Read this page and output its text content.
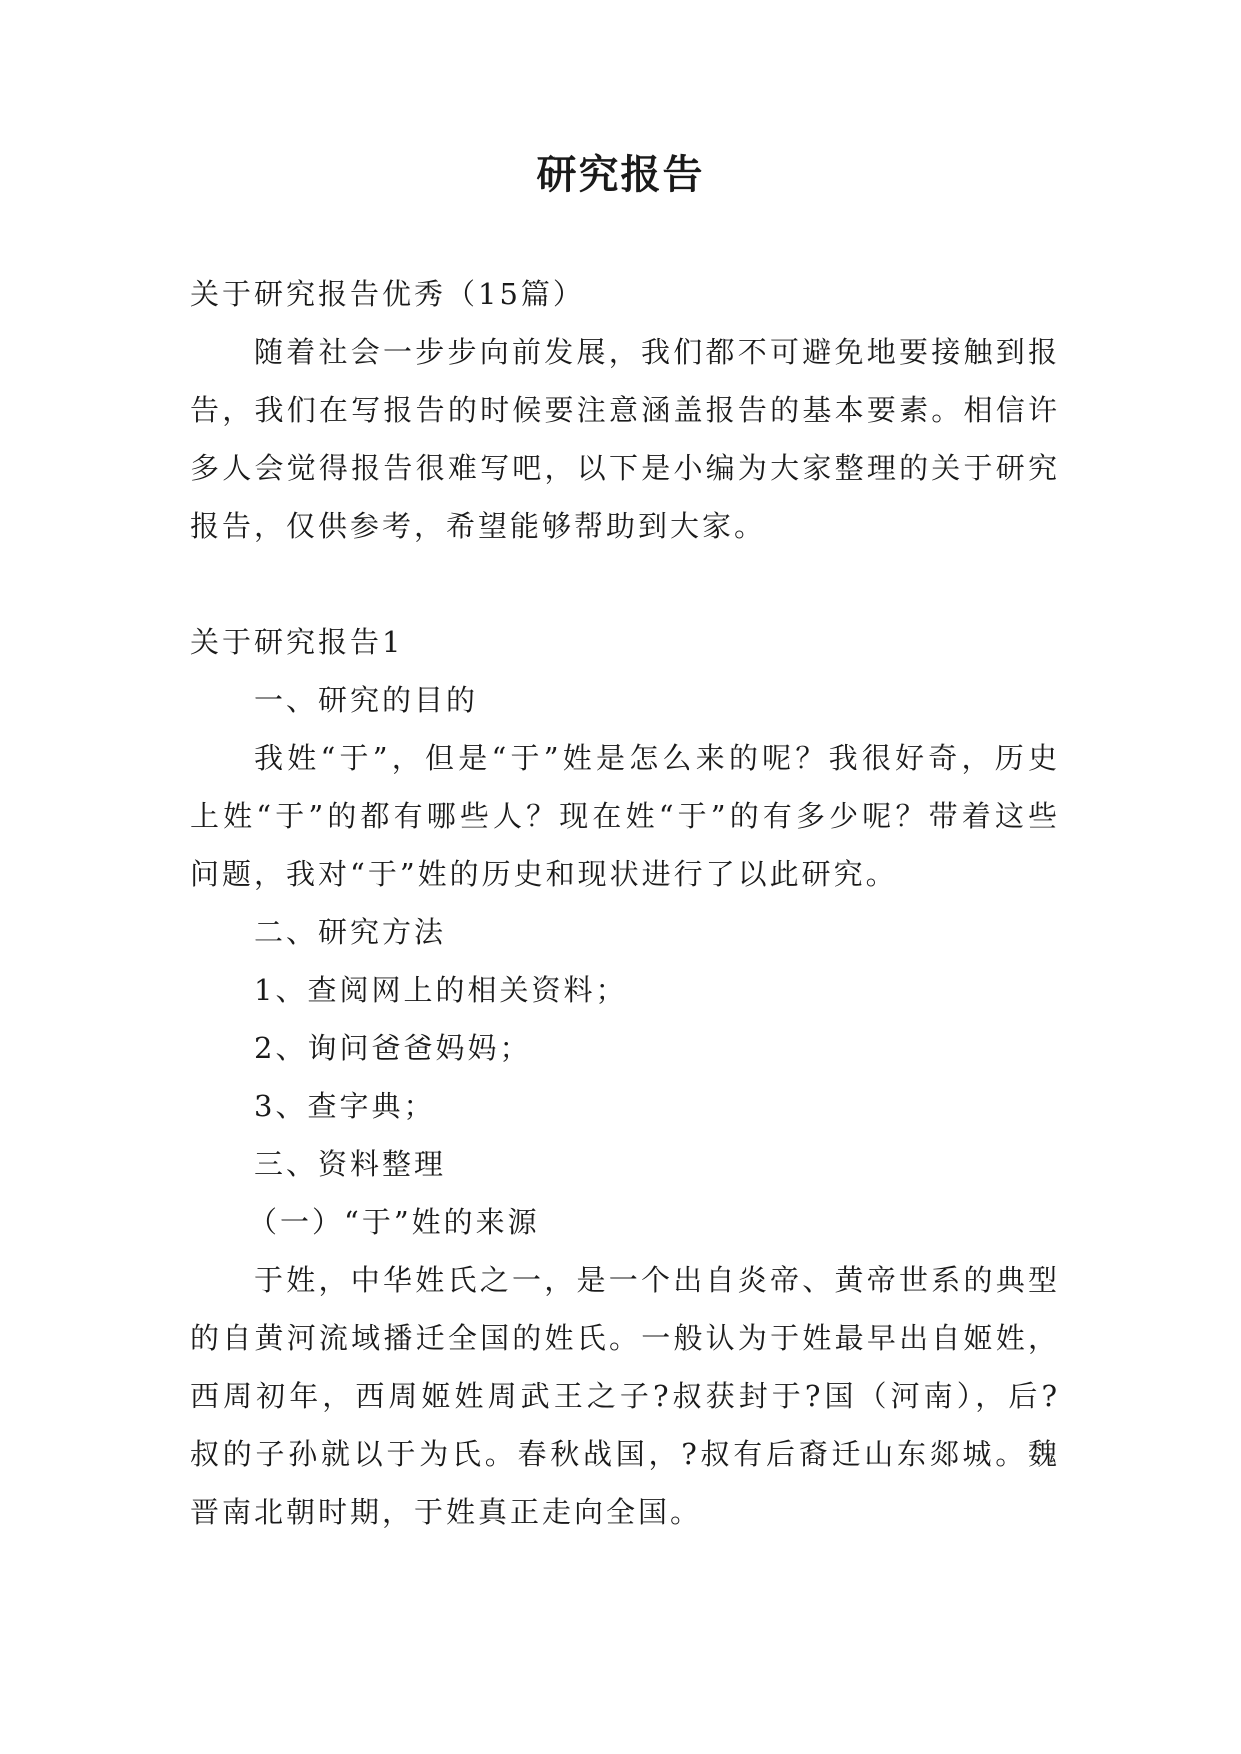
研究报告

关于研究报告优秀（15篇）

随着社会一步步向前发展，我们都不可避免地要接触到报告，我们在写报告的时候要注意涵盖报告的基本要素。相信许多人会觉得报告很难写吧，以下是小编为大家整理的关于研究报告，仅供参考，希望能够帮助到大家。

关于研究报告1

一、研究的目的

我姓“于”，但是“于”姓是怎么来的呢？我很好奇，历史上姓“于”的都有哪些人？现在姓“于”的有多少呢？带着这些问题，我对“于”姓的历史和现状进行了以此研究。

二、研究方法

1、查阅网上的相关资料；

2、询问爸爸妈妈；

3、查字典；

三、资料整理

（一）“于”姓的来源

于姓，中华姓氏之一，是一个出自炎帝、黄帝世系的典型的自黄河流域播迁全国的姓氏。一般认为于姓最早出自姬姓，西周初年，西周姬姓周武王之子?叔获封于?国（河南），后?叔的子孙就以于为氏。春秋战国，?叔有后裔迁山东郯城。魏晋南北朝时期，于姓真正走向全国。
